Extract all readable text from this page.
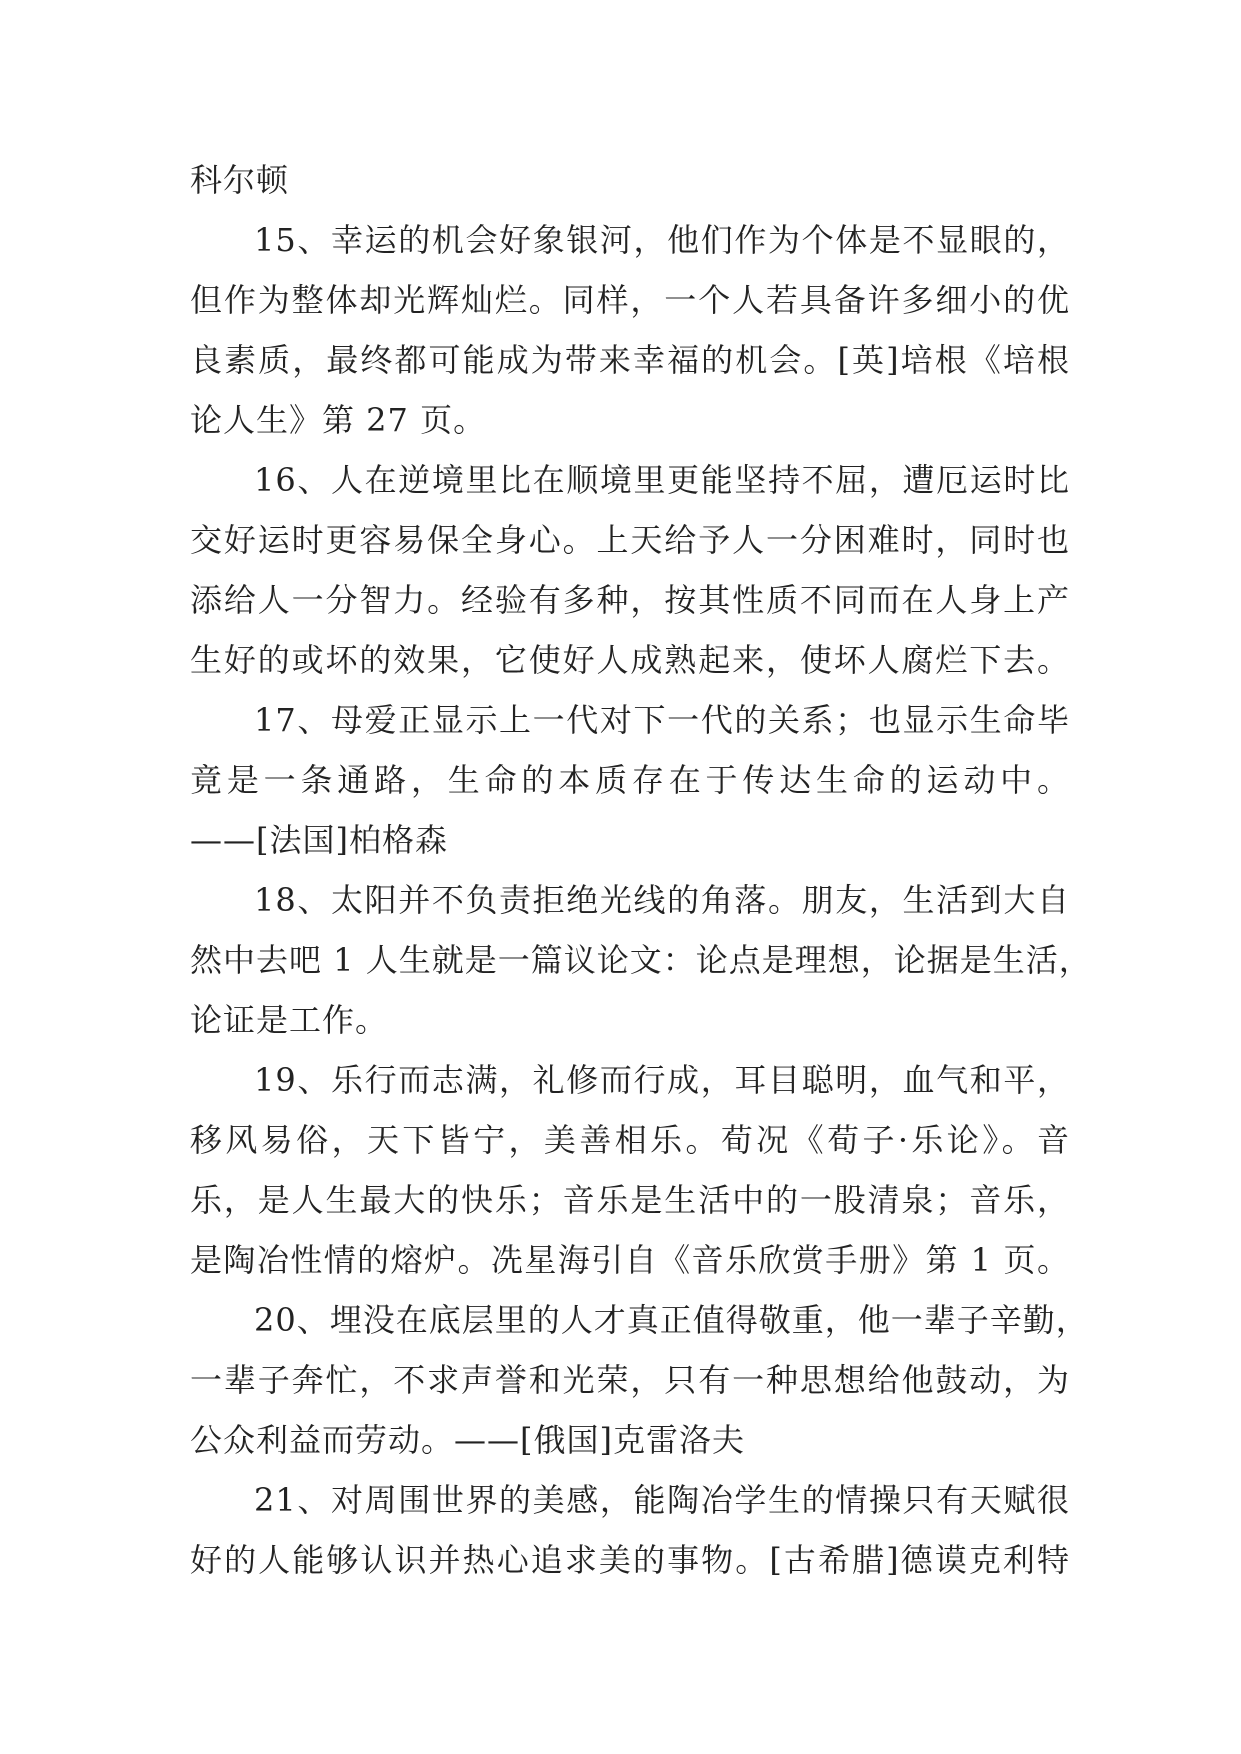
科尔顿
15、幸运的机会好象银河，他们作为个体是不显眼的，
但作为整体却光辉灿烂。同样，一个人若具备许多细小的优
良素质，最终都可能成为带来幸福的机会。[英]培根《培根
论人生》第 27 页。
16、人在逆境里比在顺境里更能坚持不屈，遭厄运时比
交好运时更容易保全身心。上天给予人一分困难时，同时也
添给人一分智力。经验有多种，按其性质不同而在人身上产
生好的或坏的效果，它使好人成熟起来，使坏人腐烂下去。
17、母爱正显示上一代对下一代的关系；也显示生命毕
竟是一条通路，生命的本质存在于传达生命的运动中。
——[法国]柏格森
18、太阳并不负责拒绝光线的角落。朋友，生活到大自
然中去吧 1 人生就是一篇议论文：论点是理想，论据是生活，
论证是工作。
19、乐行而志满，礼修而行成，耳目聪明，血气和平，
移风易俗，天下皆宁，美善相乐。荀况《荀子·乐论》。音
乐，是人生最大的快乐；音乐是生活中的一股清泉；音乐，
是陶冶性情的熔炉。冼星海引自《音乐欣赏手册》第 1 页。
20、埋没在底层里的人才真正值得敬重，他一辈子辛勤，
一辈子奔忙，不求声誉和光荣，只有一种思想给他鼓动，为
公众利益而劳动。——[俄国]克雷洛夫
21、对周围世界的美感，能陶冶学生的情操只有天赋很
好的人能够认识并热心追求美的事物。[古希腊]德谟克利特
